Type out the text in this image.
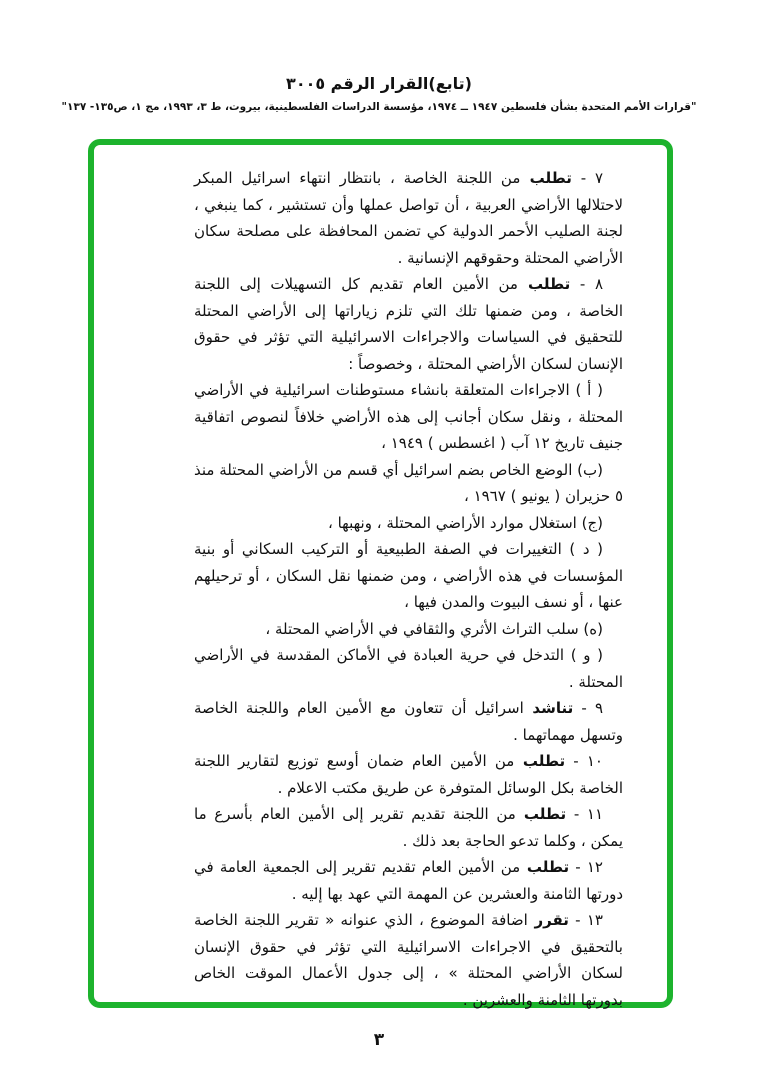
(تابع)القرار الرقم ٣٠٠٥

"قرارات الأمم المتحدة بشأن فلسطين ١٩٤٧ ــ ١٩٧٤، مؤسسة الدراسات الفلسطينية، بيروت، ط ٣، ١٩٩٣، مج ١، ص١٣٥- ١٣٧"

٧ - تطلب من اللجنة الخاصة ، بانتظار انتهاء اسرائيل المبكر لاحتلالها الأراضي العربية ، أن تواصل عملها وأن تستشير ، كما ينبغي ، لجنة الصليب الأحمر الدولية كي تضمن المحافظة على مصلحة سكان الأراضي المحتلة وحقوقهم الإنسانية .

٨ - تطلب من الأمين العام تقديم كل التسهيلات إلى اللجنة الخاصة ، ومن ضمنها تلك التي تلزم زياراتها إلى الأراضي المحتلة للتحقيق في السياسات والاجراءات الاسرائيلية التي تؤثر في حقوق الإنسان لسكان الأراضي المحتلة ، وخصوصاً :

( أ ) الاجراءات المتعلقة بانشاء مستوطنات اسرائيلية في الأراضي المحتلة ، ونقل سكان أجانب إلى هذه الأراضي خلافاً لنصوص اتفاقية جنيف تاريخ ١٢ آب ( اغسطس ) ١٩٤٩ ،

(ب) الوضع الخاص بضم اسرائيل أي قسم من الأراضي المحتلة منذ ٥ حزيران ( يونيو ) ١٩٦٧ ،

(ج) استغلال موارد الأراضي المحتلة ، ونهبها ،

( د ) التغييرات في الصفة الطبيعية أو التركيب السكاني أو بنية المؤسسات في هذه الأراضي ، ومن ضمنها نقل السكان ، أو ترحيلهم عنها ، أو نسف البيوت والمدن فيها ،

(ه) سلب التراث الأثري والثقافي في الأراضي المحتلة ،

( و ) التدخل في حرية العبادة في الأماكن المقدسة في الأراضي المحتلة .

٩ - تناشد اسرائيل أن تتعاون مع الأمين العام واللجنة الخاصة وتسهل مهماتهما .

١٠ - تطلب من الأمين العام ضمان أوسع توزيع لتقارير اللجنة الخاصة بكل الوسائل المتوفرة عن طريق مكتب الاعلام .

١١ - تطلب من اللجنة تقديم تقرير إلى الأمين العام بأسرع ما يمكن ، وكلما تدعو الحاجة بعد ذلك .

١٢ - تطلب من الأمين العام تقديم تقرير إلى الجمعية العامة في دورتها الثامنة والعشرين عن المهمة التي عهد بها إليه .

١٣ - تقرر اضافة الموضوع ، الذي عنوانه « تقرير اللجنة الخاصة بالتحقيق في الاجراءات الاسرائيلية التي تؤثر في حقوق الإنسان لسكان الأراضي المحتلة » ، إلى جدول الأعمال الموقت الخاص بدورتها الثامنة والعشرين .

٣
